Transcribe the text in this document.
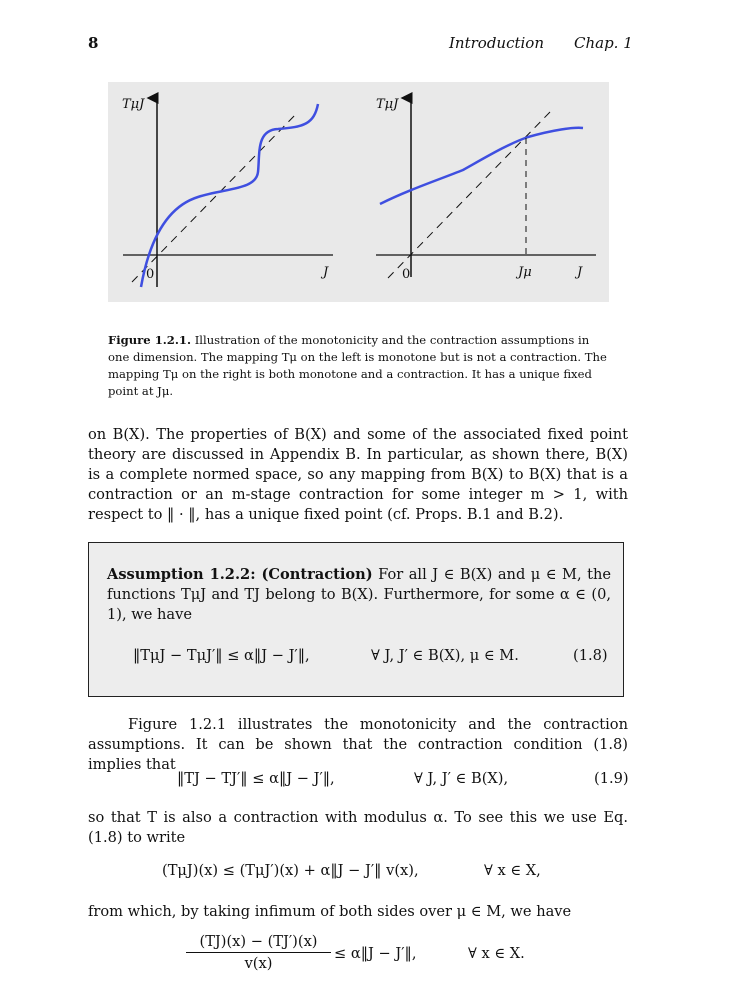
8	Introduction Chap. 1
TμJ
0	J
TμJ
0	Jμ	J
Figure 1.2.1. Illustration of the monotonicity and the contraction assumptions in one dimension. The mapping Tμ on the left is monotone but is not a contraction. The mapping Tμ on the right is both monotone and a contraction. It has a unique fixed point at Jμ.
on B(X). The properties of B(X) and some of the associated fixed point theory are discussed in Appendix B. In particular, as shown there, B(X) is a complete normed space, so any mapping from B(X) to B(X) that is a contraction or an m-stage contraction for some integer m > 1, with respect to ‖ · ‖, has a unique fixed point (cf. Props. B.1 and B.2).
Assumption 1.2.2: (Contraction) For all J ∈ B(X) and μ ∈ M, the functions TμJ and TJ belong to B(X). Furthermore, for some α ∈ (0, 1), we have
‖TμJ − TμJ′‖ ≤ α‖J − J′‖,	∀ J, J′ ∈ B(X), μ ∈ M.	(1.8)
Figure 1.2.1 illustrates the monotonicity and the contraction assumptions. It can be shown that the contraction condition (1.8) implies that
‖TJ − TJ′‖ ≤ α‖J − J′‖,	∀ J, J′ ∈ B(X),	(1.9)
so that T is also a contraction with modulus α. To see this we use Eq. (1.8) to write
(TμJ)(x) ≤ (TμJ′)(x) + α‖J − J′‖ v(x),	∀ x ∈ X,
from which, by taking infimum of both sides over μ ∈ M, we have
$\frac{(TJ)(x) - (TJ')(x)}{v(x)}$ ≤ α‖J − J′‖,	∀ x ∈ X.
